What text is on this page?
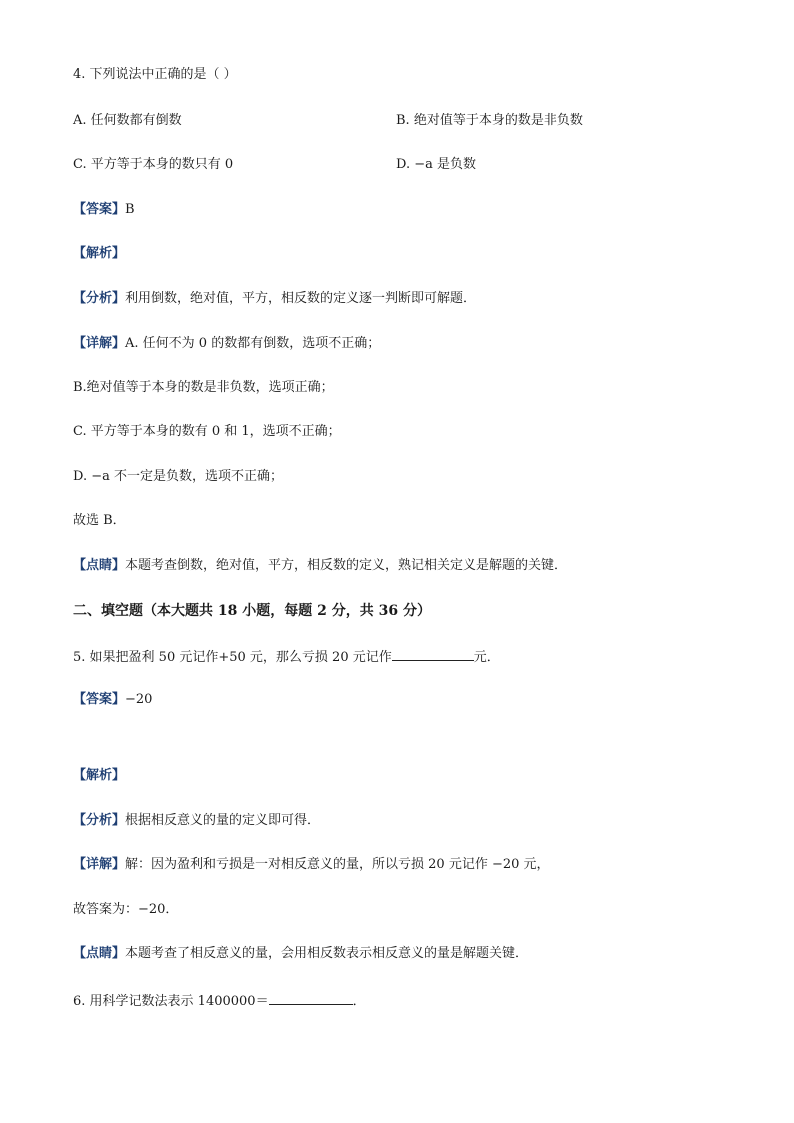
4. 下列说法中正确的是（ ）
A. 任何数都有倒数	B. 绝对值等于本身的数是非负数
C. 平方等于本身的数只有 0	D. −a 是负数
【答案】B
【解析】
【分析】利用倒数，绝对值，平方，相反数的定义逐一判断即可解题．
【详解】A. 任何不为 0 的数都有倒数，选项不正确；
B.绝对值等于本身的数是非负数，选项正确；
C. 平方等于本身的数有 0 和 1，选项不正确；
D. −a 不一定是负数，选项不正确；
故选 B．
【点睛】本题考查倒数，绝对值，平方，相反数的定义，熟记相关定义是解题的关键．
二、填空题（本大题共 18 小题，每题 2 分，共 36 分）
5. 如果把盈利 50 元记作+50 元，那么亏损 20 元记作	元．
【答案】−20
【解析】
【分析】根据相反意义的量的定义即可得．
【详解】解：因为盈利和亏损是一对相反意义的量，所以亏损 20 元记作 −20 元，
故答案为：−20．
【点睛】本题考查了相反意义的量，会用相反数表示相反意义的量是解题关键．
6. 用科学记数法表示 1400000＝	．
